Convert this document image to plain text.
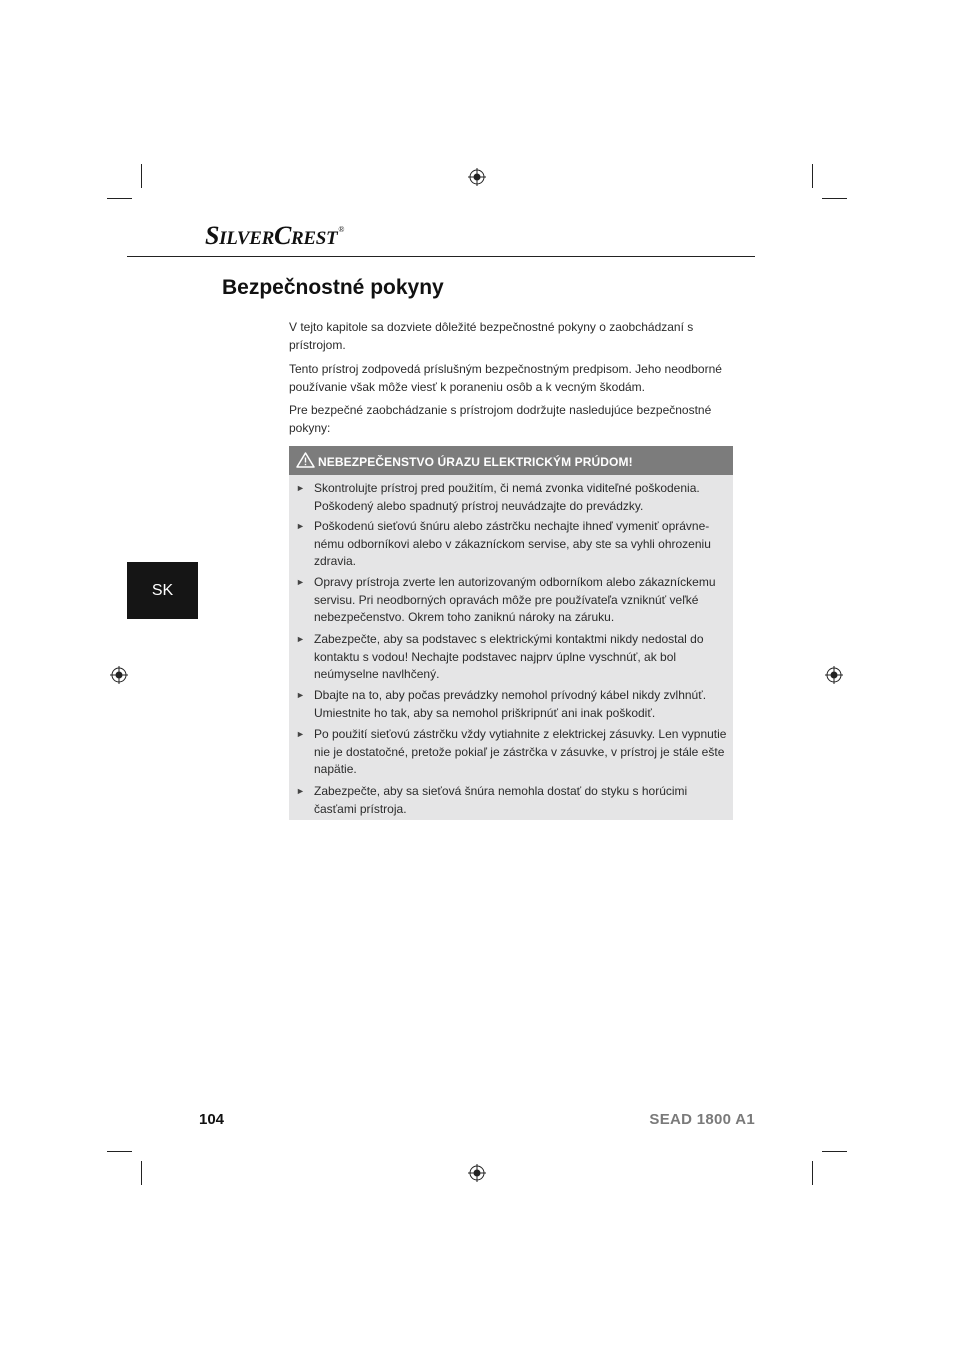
SILVERCREST®
Bezpečnostné pokyny

V tejto kapitole sa dozviete dôležité bezpečnostné pokyny o zaobchádzaní s prístrojom.

Tento prístroj zodpovedá príslušným bezpečnostným predpisom. Jeho neodborné používanie však môže viesť k poraneniu osôb a k vecným škodám.

Pre bezpečné zaobchádzanie s prístrojom dodržujte nasledujúce bezpečnostné pokyny:

NEBEZPEČENSTVO ÚRAZU ELEKTRICKÝM PRÚDOM!
► Skontrolujte prístroj pred použitím, či nemá zvonka viditeľné poškodenia. Poškodený alebo spadnutý prístroj neuvádzajte do prevádzky.
► Poškodenú sieťovú šnúru alebo zástrčku nechajte ihneď vymeniť oprávne- nému odborníkovi alebo v zákazníckom servise, aby ste sa vyhli ohrozeniu zdravia.
► Opravy prístroja zverte len autorizovaným odborníkom alebo zákazníckemu servisu. Pri neodborných opravách môže pre používateľa vzniknúť veľké nebezpečenstvo. Okrem toho zaniknú nároky na záruku.
► Zabezpečte, aby sa podstavec s elektrickými kontaktmi nikdy nedostal do kontaktu s vodou! Nechajte podstavec najprv úplne vyschnúť, ak bol neúmyselne navlhčený.
► Dbajte na to, aby počas prevádzky nemohol prívodný kábel nikdy zvlhnúť. Umiestnite ho tak, aby sa nemohol priškripnúť ani inak poškodiť.
► Po použití sieťovú zástrčku vždy vytiahnite z elektrickej zásuvky. Len vypnutie nie je dostatočné, pretože pokiaľ je zástrčka v zásuvke, v prístroj je stále ešte napätie.
► Zabezpečte, aby sa sieťová šnúra nemohla dostať do styku s horúcimi časťami prístroja.
SK
104	SEAD 1800 A1
